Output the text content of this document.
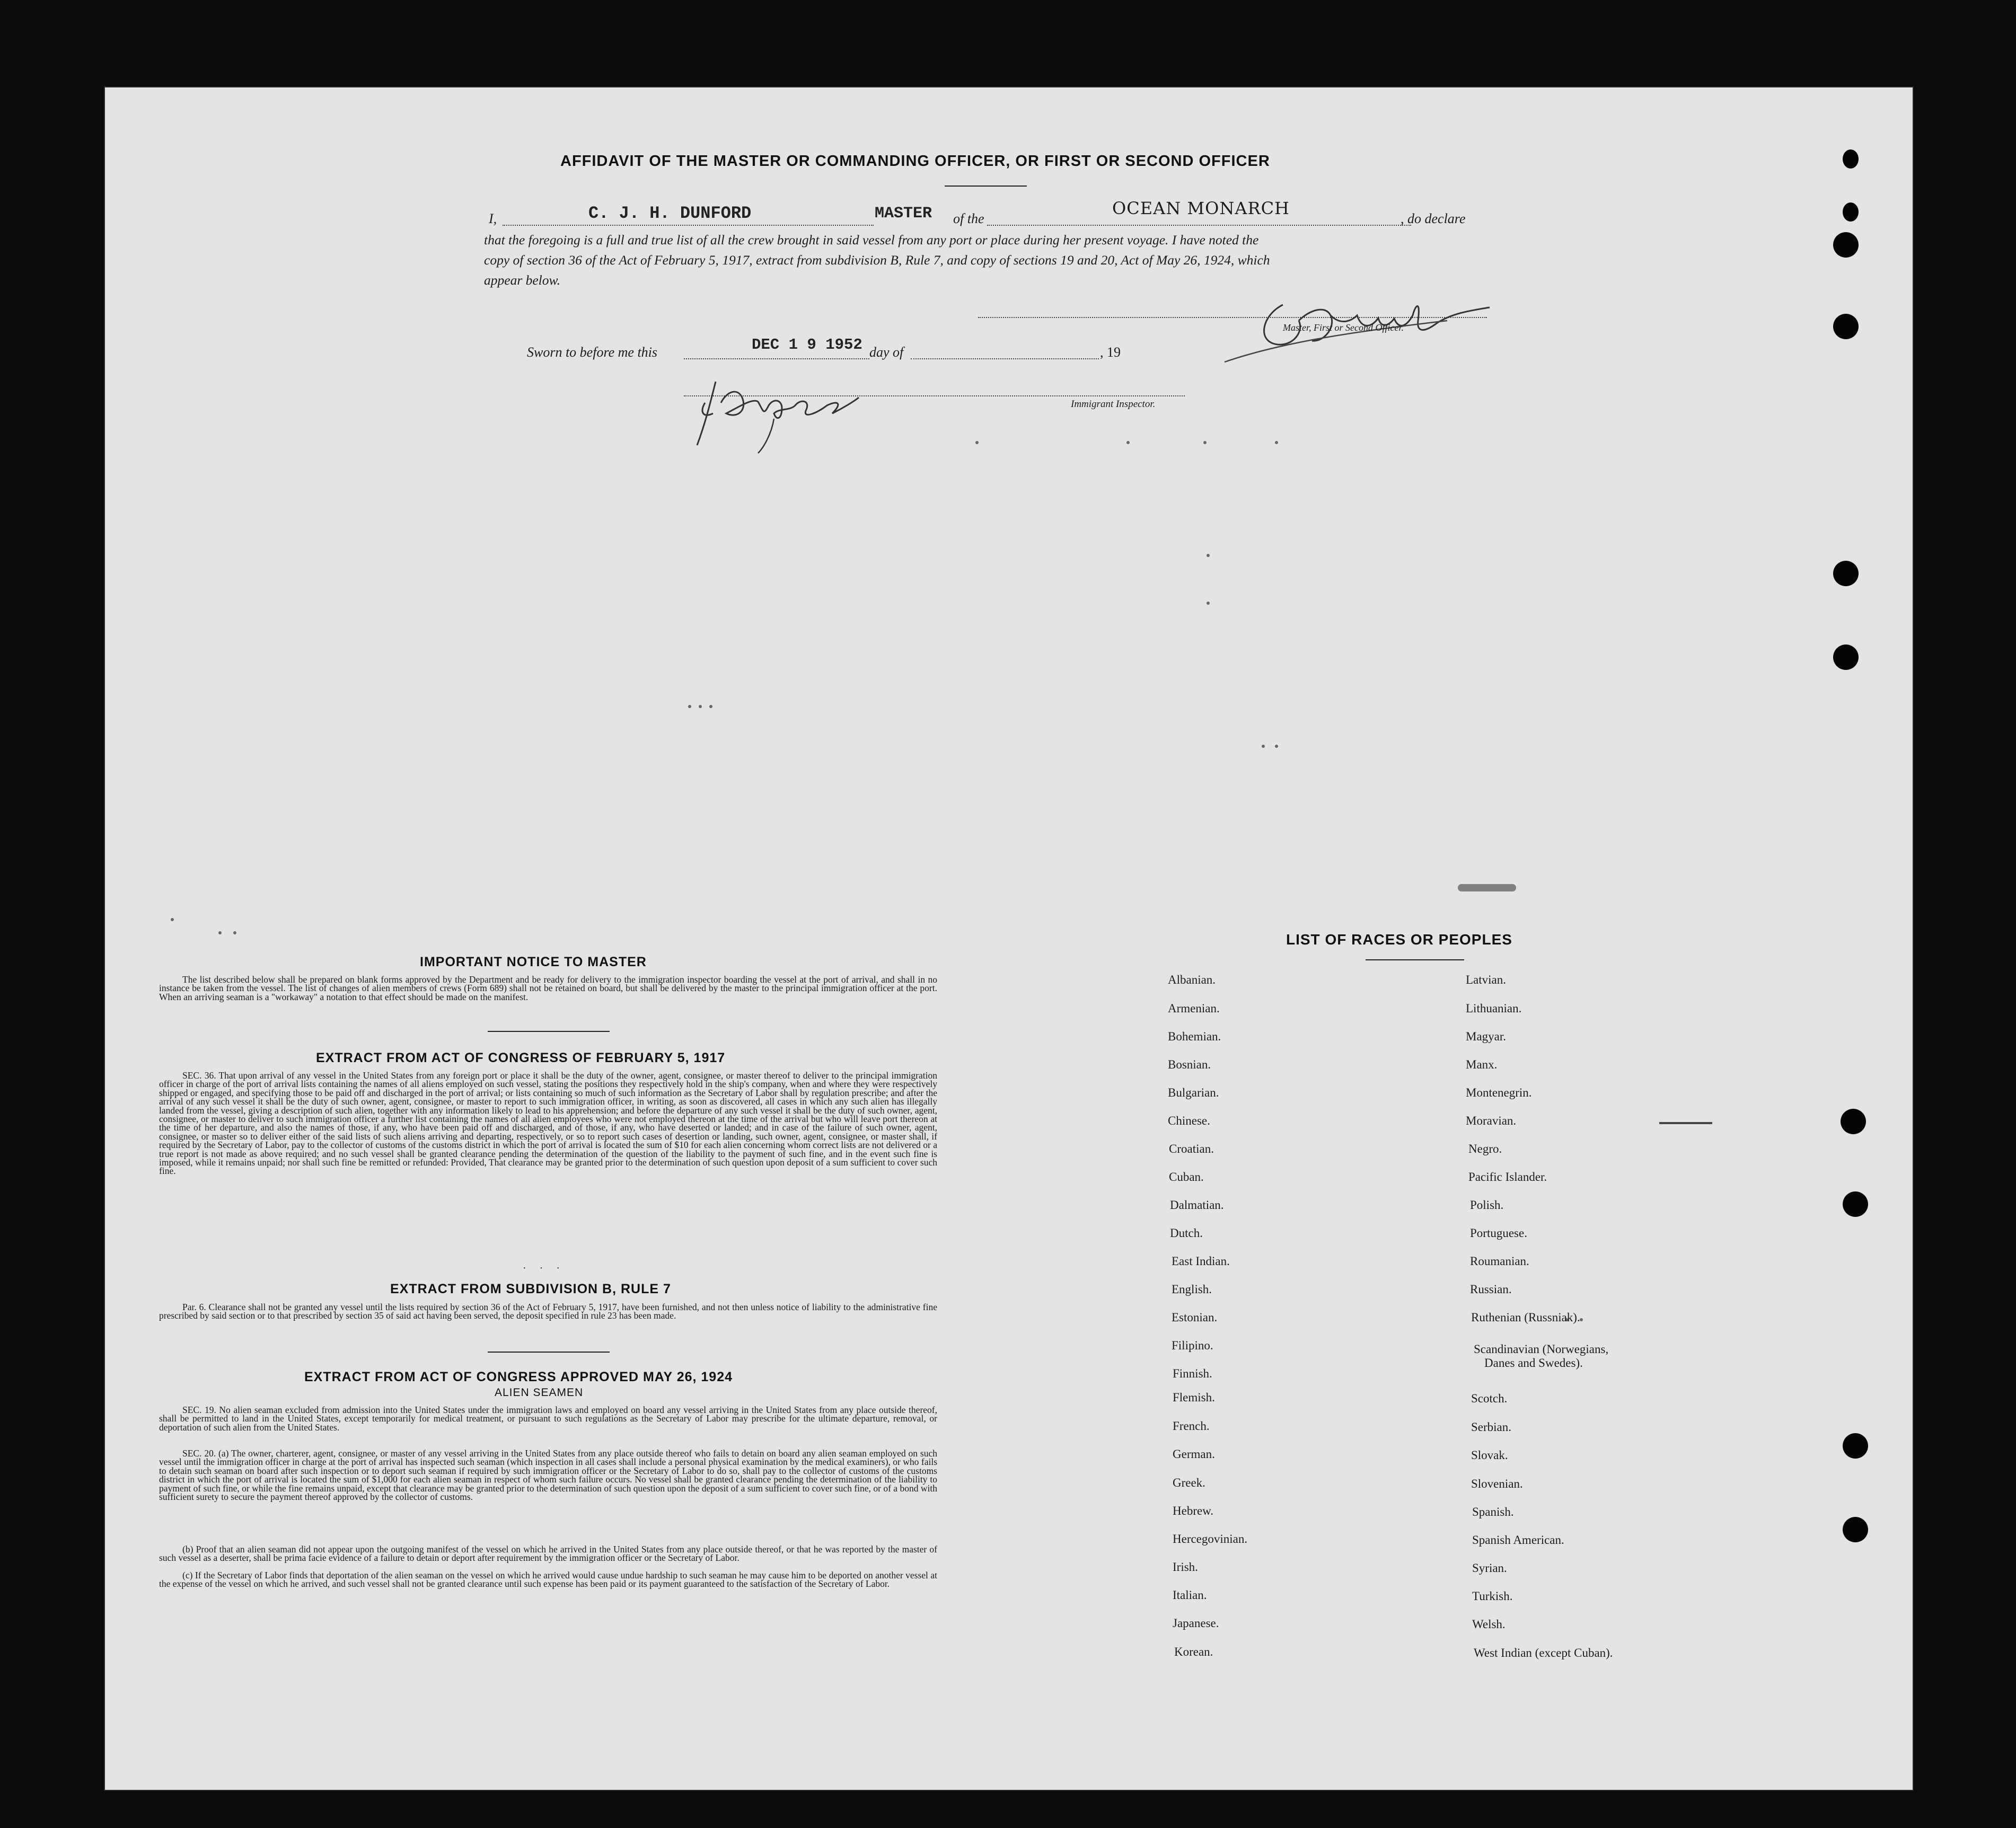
AFFIDAVIT OF THE MASTER OR COMMANDING OFFICER, OR FIRST OR SECOND OFFICER
I,	C. J. H. DUNFORD	MASTER of the
OCEAN MONARCH
, do declare
that the foregoing is a full and true list of all the crew brought in said vessel from any port or place during her present voyage. I have noted the
copy of section 36 of the Act of February 5, 1917, extract from subdivision B, Rule 7, and copy of sections 19 and 20, Act of May 26, 1924, which
appear below.
Master, First or Second Officer.
Sworn to before me this	DEC 1 9 1952 day of	, 19
Immigrant Inspector.
IMPORTANT NOTICE TO MASTER
The list described below shall be prepared on blank forms approved by the Department and be ready for delivery to the immigration inspector boarding the vessel at the port of arrival, and shall in no instance be taken from the vessel. The list of changes of alien members of crews (Form 689) shall not be retained on board, but shall be delivered by the master to the principal immigration officer at the port. When an arriving seaman is a "workaway" a notation to that effect should be made on the manifest.
EXTRACT FROM ACT OF CONGRESS OF FEBRUARY 5, 1917
SEC. 36. That upon arrival of any vessel in the United States from any foreign port or place it shall be the duty of the owner, agent, consignee, or master thereof to deliver to the principal immigration officer in charge of the port of arrival lists containing the names of all aliens employed on such vessel, stating the positions they respectively hold in the ship's company, when and where they were respectively shipped or engaged, and specifying those to be paid off and discharged in the port of arrival; or lists containing so much of such information as the Secretary of Labor shall by regulation prescribe; and after the arrival of any such vessel it shall be the duty of such owner, agent, consignee, or master to report to such immigration officer, in writing, as soon as discovered, all cases in which any such alien has illegally landed from the vessel, giving a description of such alien, together with any information likely to lead to his apprehension; and before the departure of any such vessel it shall be the duty of such owner, agent, consignee, or master to deliver to such immigration officer a further list containing the names of all alien employees who were not employed thereon at the time of the arrival but who will leave port thereon at the time of her departure, and also the names of those, if any, who have been paid off and discharged, and of those, if any, who have deserted or landed; and in case of the failure of such owner, agent, consignee, or master so to deliver either of the said lists of such aliens arriving and departing, respectively, or so to report such cases of desertion or landing, such owner, agent, consignee, or master shall, if required by the Secretary of Labor, pay to the collector of customs of the customs district in which the port of arrival is located the sum of $10 for each alien concerning whom correct lists are not delivered or a true report is not made as above required; and no such vessel shall be granted clearance pending the determination of the question of the liability to the payment of such fine, and in the event such fine is imposed, while it remains unpaid; nor shall such fine be remitted or refunded: Provided, That clearance may be granted prior to the determination of such question upon deposit of a sum sufficient to cover such fine.
· · ·
EXTRACT FROM SUBDIVISION B, RULE 7
Par. 6. Clearance shall not be granted any vessel until the lists required by section 36 of the Act of February 5, 1917, have been furnished, and not then unless notice of liability to the administrative fine prescribed by said section or to that prescribed by section 35 of said act having been served, the deposit specified in rule 23 has been made.
EXTRACT FROM ACT OF CONGRESS APPROVED MAY 26, 1924
ALIEN SEAMEN
SEC. 19. No alien seaman excluded from admission into the United States under the immigration laws and employed on board any vessel arriving in the United States from any place outside thereof, shall be permitted to land in the United States, except temporarily for medical treatment, or pursuant to such regulations as the Secretary of Labor may prescribe for the ultimate departure, removal, or deportation of such alien from the United States.
SEC. 20. (a) The owner, charterer, agent, consignee, or master of any vessel arriving in the United States from any place outside thereof who fails to detain on board any alien seaman employed on such vessel until the immigration officer in charge at the port of arrival has inspected such seaman (which inspection in all cases shall include a personal physical examination by the medical examiners), or who fails to detain such seaman on board after such inspection or to deport such seaman if required by such immigration officer or the Secretary of Labor to do so, shall pay to the collector of customs of the customs district in which the port of arrival is located the sum of $1,000 for each alien seaman in respect of whom such failure occurs. No vessel shall be granted clearance pending the determination of the liability to payment of such fine, or while the fine remains unpaid, except that clearance may be granted prior to the determination of such question upon the deposit of a sum sufficient to cover such fine, or of a bond with sufficient surety to secure the payment thereof approved by the collector of customs.
(b) Proof that an alien seaman did not appear upon the outgoing manifest of the vessel on which he arrived in the United States from any place outside thereof, or that he was reported by the master of such vessel as a deserter, shall be prima facie evidence of a failure to detain or deport after requirement by the immigration officer or the Secretary of Labor.
(c) If the Secretary of Labor finds that deportation of the alien seaman on the vessel on which he arrived would cause undue hardship to such seaman he may cause him to be deported on another vessel at the expense of the vessel on which he arrived, and such vessel shall not be granted clearance until such expense has been paid or its payment guaranteed to the satisfaction of the Secretary of Labor.
LIST OF RACES OR PEOPLES
Albanian.
Armenian.
Bohemian.
Bosnian.
Bulgarian.
Chinese.
Croatian.
Cuban.
Dalmatian.
Dutch.
East Indian.
English.
Estonian.
Filipino.
Finnish.
Flemish.
French.
German.
Greek.
Hebrew.
Hercegovinian.
Irish.
Italian.
Japanese.
Korean.
Latvian.
Lithuanian.
Magyar.
Manx.
Montenegrin.
Moravian.
Negro.
Pacific Islander.
Polish.
Portuguese.
Roumanian.
Russian.
Ruthenian (Russniak).
Scandinavian (Norwegians,
Danes and Swedes).
Scotch.
Serbian.
Slovak.
Slovenian.
Spanish.
Spanish American.
Syrian.
Turkish.
Welsh.
West Indian (except Cuban).
